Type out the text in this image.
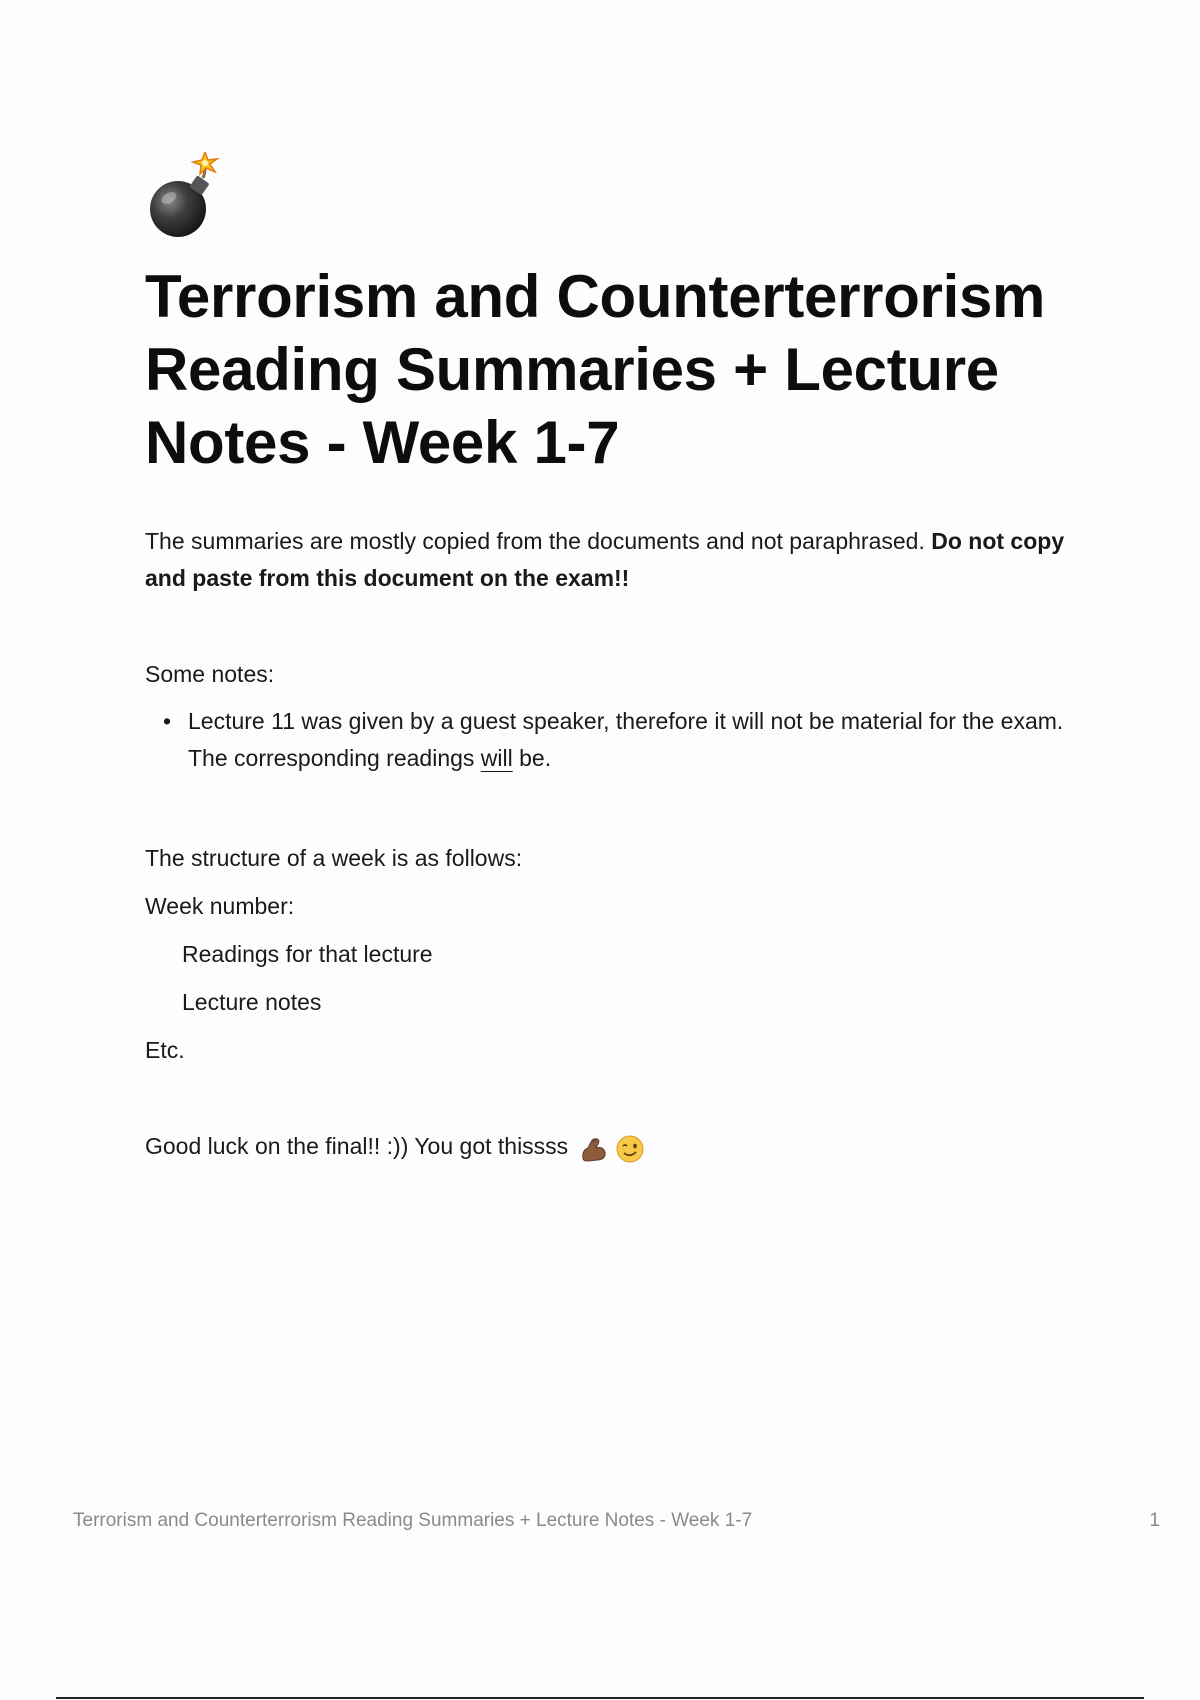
Terrorism and Counterterrorism Reading Summaries + Lecture Notes - Week 1-7

The summaries are mostly copied from the documents and not paraphrased. Do not copy and paste from this document on the exam!!

Some notes:

• Lecture 11 was given by a guest speaker, therefore it will not be material for the exam. The corresponding readings will be.

The structure of a week is as follows:

Week number:

Readings for that lecture

Lecture notes

Etc.

Good luck on the final!! :)) You got thissss

Terrorism and Counterterrorism Reading Summaries + Lecture Notes - Week 1-7	1
